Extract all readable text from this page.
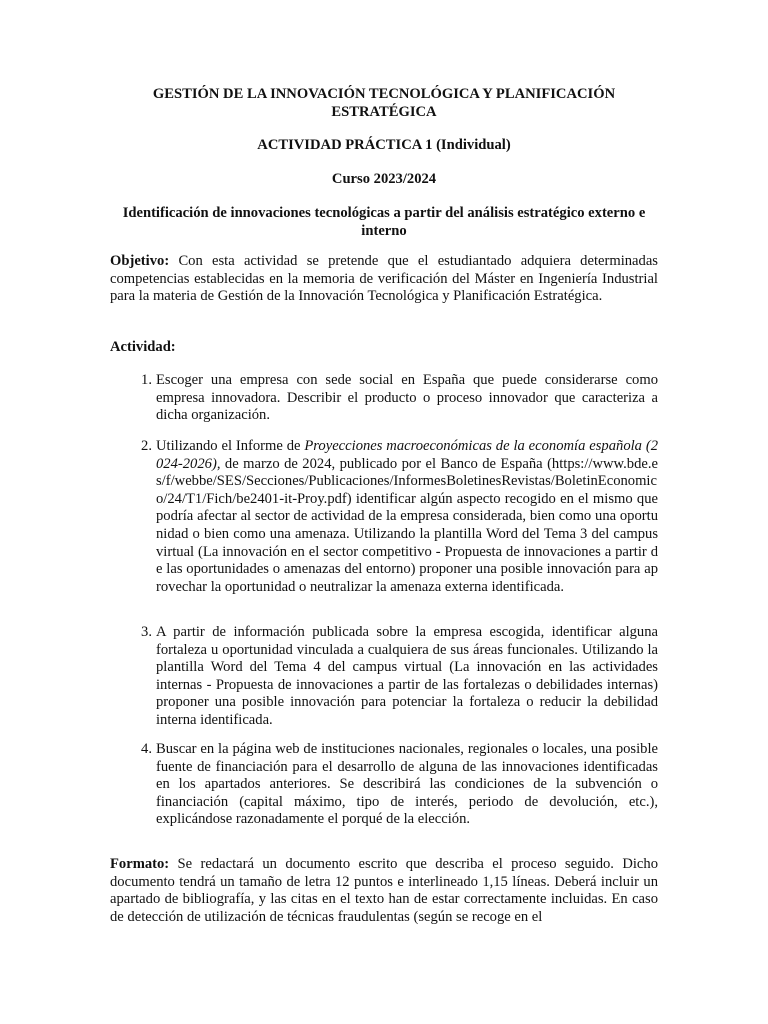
GESTIÓN DE LA INNOVACIÓN TECNOLÓGICA Y PLANIFICACIÓN ESTRATÉGICA
ACTIVIDAD PRÁCTICA 1 (Individual)
Curso 2023/2024
Identificación de innovaciones tecnológicas a partir del análisis estratégico externo e interno
Objetivo: Con esta actividad se pretende que el estudiantado adquiera determinadas competencias establecidas en la memoria de verificación del Máster en Ingeniería Industrial para la materia de Gestión de la Innovación Tecnológica y Planificación Estratégica.
Actividad:
1. Escoger una empresa con sede social en España que puede considerarse como empresa innovadora. Describir el producto o proceso innovador que caracteriza a dicha organización.
2. Utilizando el Informe de Proyecciones macroeconómicas de la economía española (2024-2026), de marzo de 2024, publicado por el Banco de España (https://www.bde.es/f/webbe/SES/Secciones/Publicaciones/InformesBoletinesRevistas/BoletinEconomico/24/T1/Fich/be2401-it-Proy.pdf) identificar algún aspecto recogido en el mismo que podría afectar al sector de actividad de la empresa considerada, bien como una oportunidad o bien como una amenaza. Utilizando la plantilla Word del Tema 3 del campus virtual (La innovación en el sector competitivo - Propuesta de innovaciones a partir de las oportunidades o amenazas del entorno) proponer una posible innovación para aprovechar la oportunidad o neutralizar la amenaza externa identificada.
3. A partir de información publicada sobre la empresa escogida, identificar alguna fortaleza u oportunidad vinculada a cualquiera de sus áreas funcionales. Utilizando la plantilla Word del Tema 4 del campus virtual (La innovación en las actividades internas - Propuesta de innovaciones a partir de las fortalezas o debilidades internas) proponer una posible innovación para potenciar la fortaleza o reducir la debilidad interna identificada.
4. Buscar en la página web de instituciones nacionales, regionales o locales, una posible fuente de financiación para el desarrollo de alguna de las innovaciones identificadas en los apartados anteriores. Se describirá las condiciones de la subvención o financiación (capital máximo, tipo de interés, periodo de devolución, etc.), explicándose razonadamente el porqué de la elección.
Formato: Se redactará un documento escrito que describa el proceso seguido. Dicho documento tendrá un tamaño de letra 12 puntos e interlineado 1,15 líneas. Deberá incluir un apartado de bibliografía, y las citas en el texto han de estar correctamente incluidas. En caso de detección de utilización de técnicas fraudulentas (según se recoge en el
